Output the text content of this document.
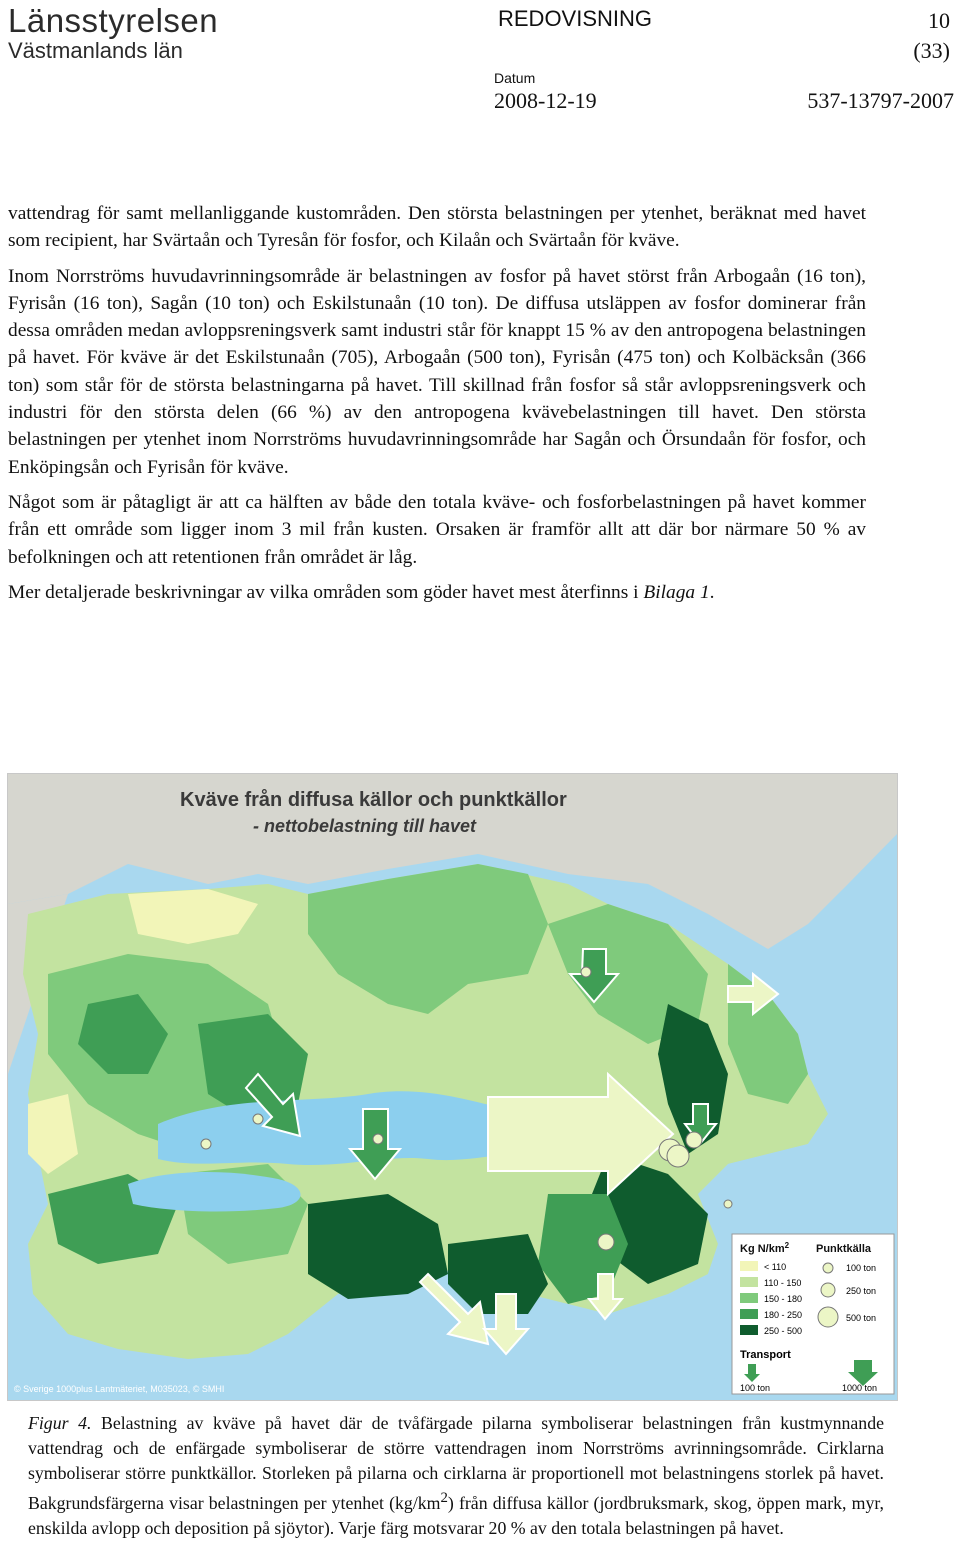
Länsstyrelsen
Västmanlands län
REDOVISNING	10
(33)
Datum
2008-12-19	537-13797-2007

vattendrag för samt mellanliggande kustområden. Den största belastningen per ytenhet, beräknat med havet som recipient, har Svärtaån och Tyresån för fosfor, och Kilaån och Svärtaån för kväve.

Inom Norrströms huvudavrinningsområde är belastningen av fosfor på havet störst från Arbogaån (16 ton), Fyrisån (16 ton), Sagån (10 ton) och Eskilstunaån (10 ton). De diffusa utsläppen av fosfor dominerar från dessa områden medan avloppsreningsverk samt industri står för knappt 15 % av den antropogena belastningen på havet. För kväve är det Eskilstunaån (705), Arbogaån (500 ton), Fyrisån (475 ton) och Kolbäcksån (366 ton) som står för de största belastningarna på havet. Till skillnad från fosfor så står avloppsreningsverk och industri för den största delen (66 %) av den antropogena kvävebelastningen till havet. Den största belastningen per ytenhet inom Norrströms huvudavrinningsområde har Sagån och Örsundaån för fosfor, och Enköpingsån och Fyrisån för kväve.

Något som är påtagligt är att ca hälften av både den totala kväve- och fosforbelastningen på havet kommer från ett område som ligger inom 3 mil från kusten. Orsaken är framför allt att där bor närmare 50 % av befolkningen och att retentionen från området är låg.

Mer detaljerade beskrivningar av vilka områden som göder havet mest återfinns i Bilaga 1.

Kväve från diffusa källor och punktkällor
- nettobelastning till havet
© Sverige 1000plus Lantmäteriet, M035023, © SMHI
Kg $N/km^2$ Punktkälla
< 110
110 - 150
150 - 180
180 - 250
250 - 500
100 ton
250 ton
500 ton
Transport
100 ton	1000 ton
Figur 4. Belastning av kväve på havet där de tvåfärgade pilarna symboliserar belastningen från kustmynnande vattendrag och de enfärgade symboliserar de större vattendragen inom Norrströms avrinningsområde. Cirklarna symboliserar större punktkällor. Storleken på pilarna och cirklarna är proportionell mot belastningens storlek på havet. Bakgrundsfärgerna visar belastningen per ytenhet $(kg/km^2)$ från diffusa källor (jordbruksmark, skog, öppen mark, myr, enskilda avlopp och deposition på sjöytor). Varje färg motsvarar 20 % av den totala belastningen på havet.
